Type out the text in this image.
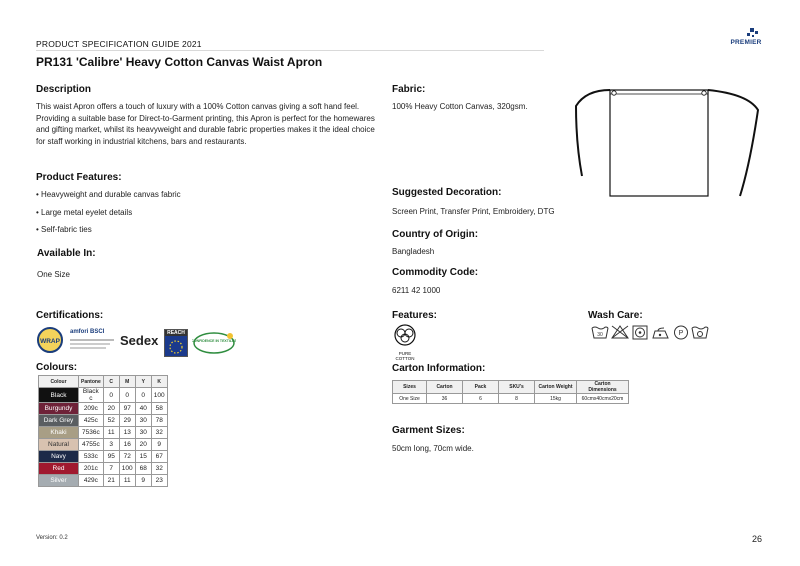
PRODUCT SPECIFICATION GUIDE 2021
PR131 'Calibre' Heavy Cotton Canvas Waist Apron
PREMIER
Description
This waist Apron offers a touch of luxury with a 100% Cotton canvas giving a soft hand feel. Providing a suitable base for Direct-to-Garment printing, this Apron is perfect for the homewares and gifting market, whilst its heavyweight and durable fabric properties makes it the ideal choice for staff working in industrial kitchens, bars and restaurants.
Product Features:
• Heavyweight and durable canvas fabric
• Large metal eyelet details
• Self-fabric ties
Available In:
One Size
Fabric:
100% Heavy Cotton Canvas, 320gsm.
Suggested Decoration:
Screen Print, Transfer Print, Embroidery, DTG
Country of Origin:
Bangladesh
Commodity Code:
6211 42 1000
Certifications:
WRAP
amfori BSCI
Sedex	REACH
CONFIDENCE IN TEXTILES
Features:
PURE COTTON
Wash Care:
30	P
Colours:
Colour	Pantone	C	M	Y	K
Black	Black c	0	0	0	100
Burgundy	209c	20	97	40	58
Dark Grey	425c	52	29	30	78
Khaki	7536c	11	13	30	32
Natural	4755c	3	16	20	9
Navy	533c	95	72	15	67
Red	201c	7	100	68	32
Silver	429c	21	11	9	23
Carton Information:
Sizes	Carton	Pack	SKU's	Carton Weight	Carton Dimensions
One Size	36	6	8	15kg	60cmx40cmx20cm
Garment Sizes:
50cm long, 70cm wide.
Version: 0.2	26
